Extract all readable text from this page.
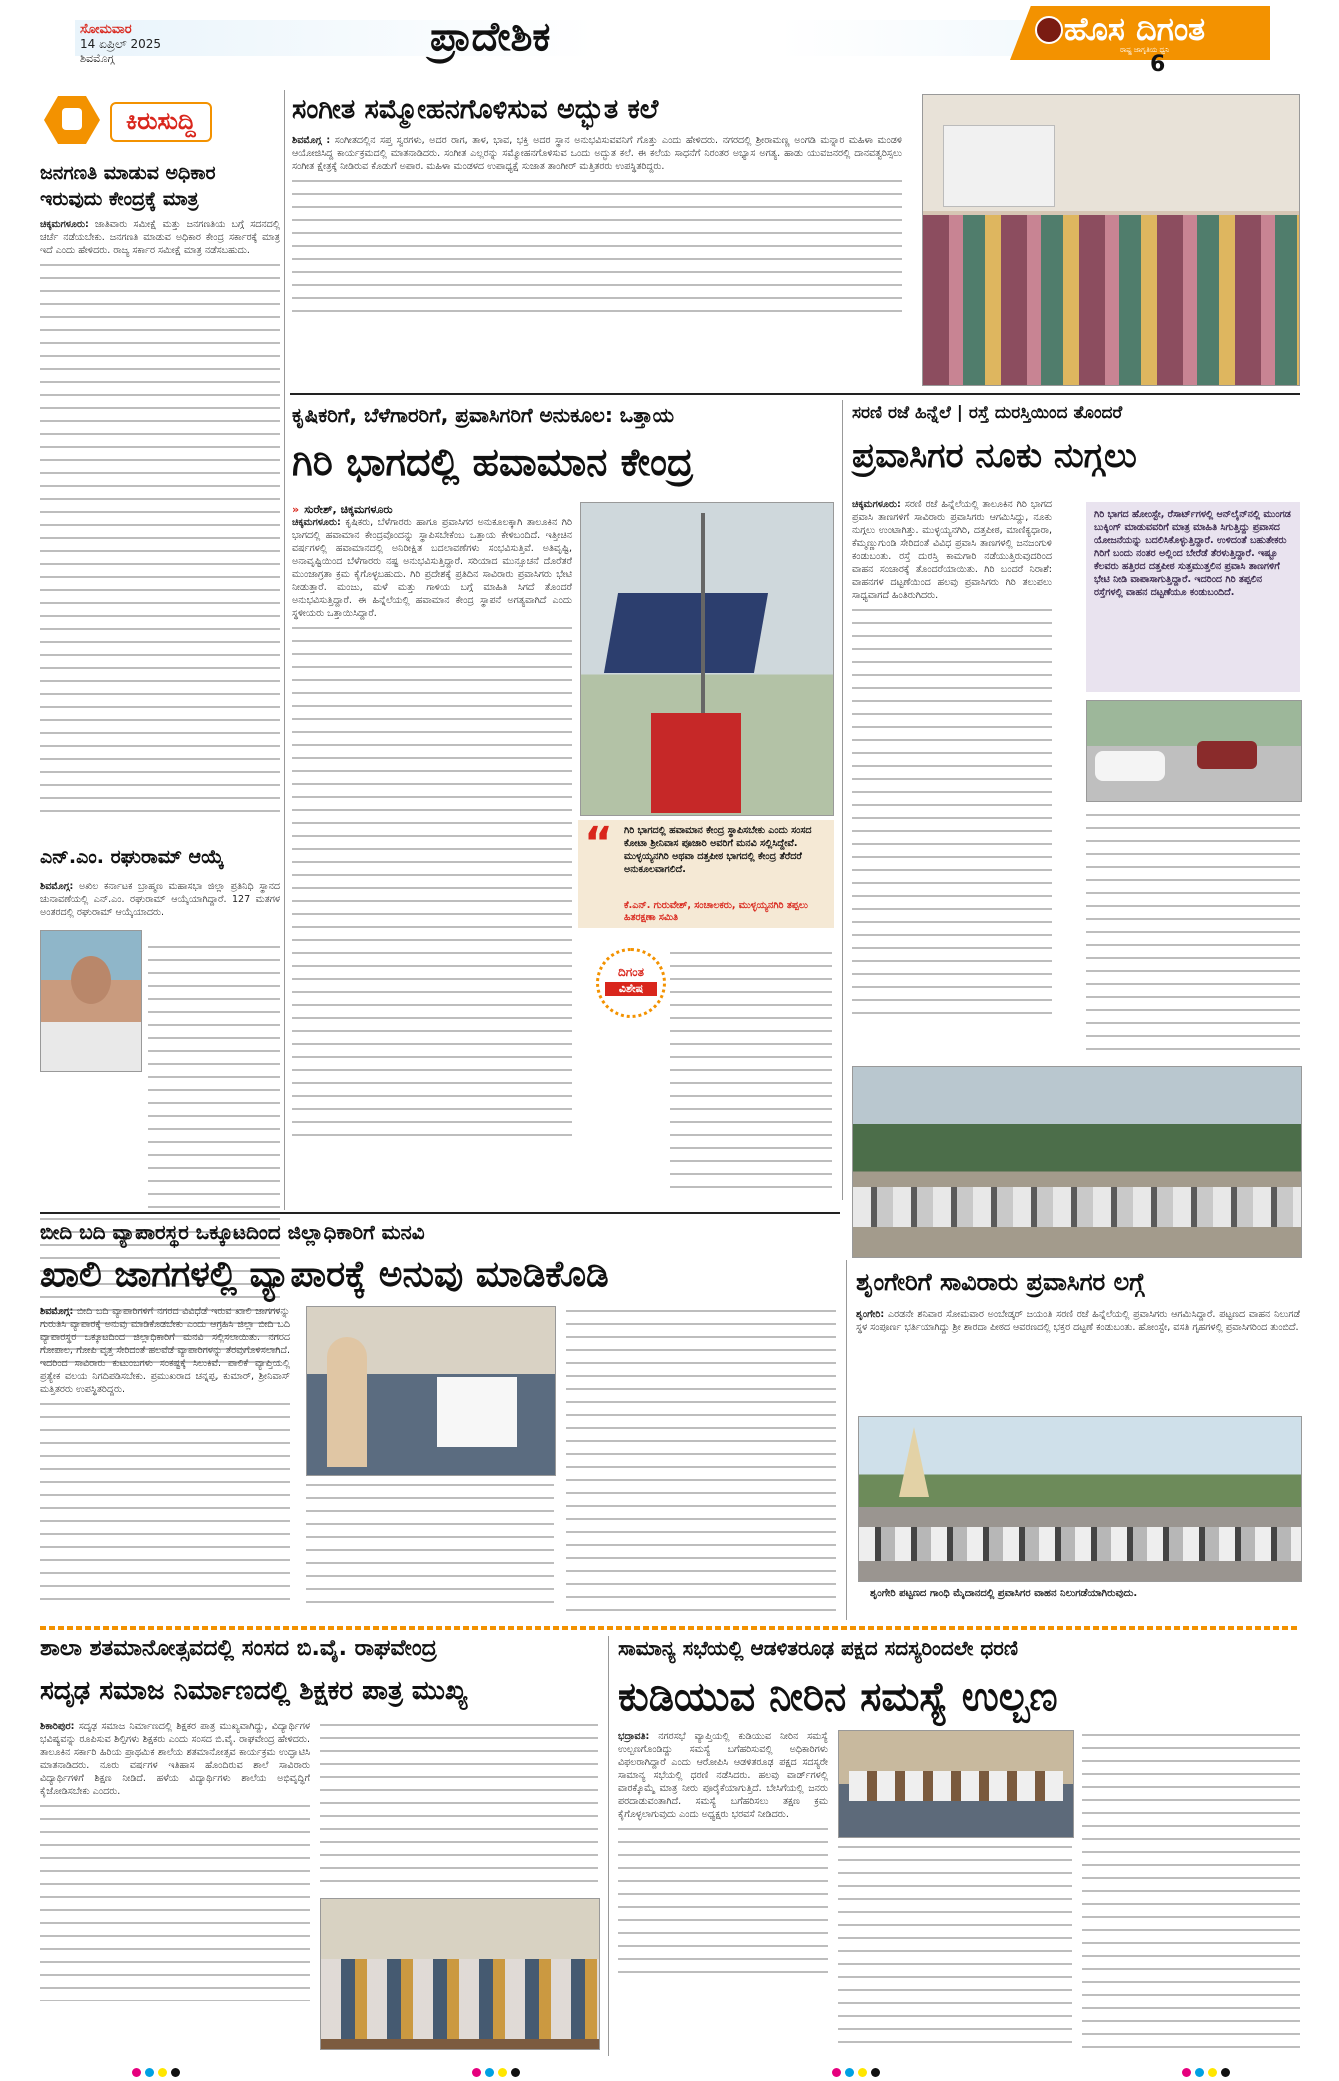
ಸೋಮವಾರ
14 ಏಪ್ರಿಲ್ 2025
ಶಿವಮೊಗ್ಗ	ಪ್ರಾದೇಶಿಕ	ಹೊಸ ದಿಗಂತ
ರಾಷ್ಟ್ರ ಜಾಗೃತಿಯ ಧ್ವನಿ
6
ಕಿರುಸುದ್ದಿ
ಜನಗಣತಿ ಮಾಡುವ ಅಧಿಕಾರ ಇರುವುದು ಕೇಂದ್ರಕ್ಕೆ ಮಾತ್ರ
ಚಿಕ್ಕಮಗಳೂರು: ಜಾತಿವಾರು ಸಮೀಕ್ಷೆ ಮತ್ತು ಜನಗಣತಿಯ ಬಗ್ಗೆ ಸದನದಲ್ಲಿ ಚರ್ಚೆ ನಡೆಯಬೇಕು. ಜನಗಣತಿ ಮಾಡುವ ಅಧಿಕಾರ ಕೇಂದ್ರ ಸರ್ಕಾರಕ್ಕೆ ಮಾತ್ರ ಇದೆ ಎಂದು ಹೇಳಿದರು. ರಾಜ್ಯ ಸರ್ಕಾರ ಸಮೀಕ್ಷೆ ಮಾತ್ರ ನಡೆಸಬಹುದು.
ಎನ್.ಎಂ. ರಘುರಾಮ್ ಆಯ್ಕೆ
ಶಿವಮೊಗ್ಗ: ಅಖಿಲ ಕರ್ನಾಟಕ ಬ್ರಾಹ್ಮಣ ಮಹಾಸಭಾ ಜಿಲ್ಲಾ ಪ್ರತಿನಿಧಿ ಸ್ಥಾನದ ಚುನಾವಣೆಯಲ್ಲಿ ಎನ್.ಎಂ. ರಘುರಾಮ್ ಆಯ್ಕೆಯಾಗಿದ್ದಾರೆ. 127 ಮತಗಳ ಅಂತರದಲ್ಲಿ ರಘುರಾಮ್ ಆಯ್ಕೆಯಾದರು.
ಸಂಗೀತ ಸಮ್ಮೋಹನಗೊಳಿಸುವ ಅದ್ಭುತ ಕಲೆ
ಶಿವಮೊಗ್ಗ : ಸಂಗೀತದಲ್ಲಿನ ಸಪ್ತ ಸ್ವರಗಳು, ಅದರ ರಾಗ, ತಾಳ, ಭಾವ, ಭಕ್ತಿ ಅದರ ಸ್ಥಾನ ಅನುಭವಿಸುವವನಿಗೆ ಗೊತ್ತು ಎಂದು ಹೇಳಿದರು. ನಗರದಲ್ಲಿ ಶ್ರೀರಾಮಣ್ಣ ಅಂಗಡಿ ಮನ್ನಾರ ಮಹಿಳಾ ಮಂಡಳಿ ಆಯೋಜಿಸಿದ್ದ ಕಾರ್ಯಕ್ರಮದಲ್ಲಿ ಮಾತನಾಡಿದರು. ಸಂಗೀತ ಎಲ್ಲರನ್ನು ಸಮ್ಮೋಹನಗೊಳಿಸುವ ಒಂದು ಅದ್ಭುತ ಕಲೆ. ಈ ಕಲೆಯ ಸಾಧನೆಗೆ ನಿರಂತರ ಅಭ್ಯಾಸ ಅಗತ್ಯ. ಹಾಡು ಯುವಜನರಲ್ಲಿ ದಾನವತ್ವರಿಸ್ಸಲು ಸಂಗೀತ ಕ್ಷೇತ್ರಕ್ಕೆ ನೀಡಿರುವ ಕೊಡುಗೆ ಅಪಾರ. ಮಹಿಳಾ ಮಂಡಳದ ಉಪಾಧ್ಯಕ್ಷೆ ಸುಜಾತ ತಾಂಗೀರ್ ಮತ್ತಿತರರು ಉಪಸ್ಥಿತರಿದ್ದರು.
ಕೃಷಿಕರಿಗೆ, ಬೆಳೆಗಾರರಿಗೆ, ಪ್ರವಾಸಿಗರಿಗೆ ಅನುಕೂಲ: ಒತ್ತಾಯ
ಗಿರಿ ಭಾಗದಲ್ಲಿ ಹವಾಮಾನ ಕೇಂದ್ರ
» ಸುರೇಶ್, ಚಿಕ್ಕಮಗಳೂರು
ಚಿಕ್ಕಮಗಳೂರು: ಕೃಷಿಕರು, ಬೆಳೆಗಾರರು ಹಾಗೂ ಪ್ರವಾಸಿಗರ ಅನುಕೂಲಕ್ಕಾಗಿ ತಾಲೂಕಿನ ಗಿರಿ ಭಾಗದಲ್ಲಿ ಹವಾಮಾನ ಕೇಂದ್ರವೊಂದನ್ನು ಸ್ಥಾಪಿಸಬೇಕೆಂಬ ಒತ್ತಾಯ ಕೇಳಿಬಂದಿದೆ. ಇತ್ತೀಚಿನ ವರ್ಷಗಳಲ್ಲಿ ಹವಾಮಾನದಲ್ಲಿ ಅನಿರೀಕ್ಷಿತ ಬದಲಾವಣೆಗಳು ಸಂಭವಿಸುತ್ತಿವೆ. ಅತಿವೃಷ್ಟಿ, ಅನಾವೃಷ್ಟಿಯಿಂದ ಬೆಳೆಗಾರರು ನಷ್ಟ ಅನುಭವಿಸುತ್ತಿದ್ದಾರೆ. ಸರಿಯಾದ ಮುನ್ಸೂಚನೆ ದೊರೆತರೆ ಮುಂಜಾಗ್ರತಾ ಕ್ರಮ ಕೈಗೊಳ್ಳಬಹುದು. ಗಿರಿ ಪ್ರದೇಶಕ್ಕೆ ಪ್ರತಿದಿನ ಸಾವಿರಾರು ಪ್ರವಾಸಿಗರು ಭೇಟಿ ನೀಡುತ್ತಾರೆ. ಮಂಜು, ಮಳೆ ಮತ್ತು ಗಾಳಿಯ ಬಗ್ಗೆ ಮಾಹಿತಿ ಸಿಗದೆ ತೊಂದರೆ ಅನುಭವಿಸುತ್ತಿದ್ದಾರೆ. ಈ ಹಿನ್ನೆಲೆಯಲ್ಲಿ ಹವಾಮಾನ ಕೇಂದ್ರ ಸ್ಥಾಪನೆ ಅಗತ್ಯವಾಗಿದೆ ಎಂದು ಸ್ಥಳೀಯರು ಒತ್ತಾಯಿಸಿದ್ದಾರೆ.
“ ಗಿರಿ ಭಾಗದಲ್ಲಿ ಹವಾಮಾನ ಕೇಂದ್ರ ಸ್ಥಾಪಿಸಬೇಕು ಎಂದು ಸಂಸದ ಕೋಟಾ ಶ್ರೀನಿವಾಸ ಪೂಜಾರಿ ಅವರಿಗೆ ಮನವಿ ಸಲ್ಲಿಸಿದ್ದೇವೆ. ಮುಳ್ಳಯ್ಯನಗಿರಿ ಅಥವಾ ದತ್ತಪೀಠ ಭಾಗದಲ್ಲಿ ಕೇಂದ್ರ ತೆರೆದರೆ ಅನುಕೂಲವಾಗಲಿದೆ.
ಕೆ.ಎನ್. ಗುರುವೇಶ್, ಸಂಚಾಲಕರು, ಮುಳ್ಳಯ್ಯನಗಿರಿ ತಪ್ಪಲು ಹಿತರಕ್ಷಣಾ ಸಮಿತಿ
ದಿಗಂತ
ವಿಶೇಷ
ಸರಣಿ ರಜೆ ಹಿನ್ನೆಲೆ | ರಸ್ತೆ ದುರಸ್ತಿಯಿಂದ ತೊಂದರೆ
ಪ್ರವಾಸಿಗರ ನೂಕು ನುಗ್ಗಲು
ಚಿಕ್ಕಮಗಳೂರು: ಸರಣಿ ರಜೆ ಹಿನ್ನೆಲೆಯಲ್ಲಿ ತಾಲೂಕಿನ ಗಿರಿ ಭಾಗದ ಪ್ರವಾಸಿ ತಾಣಗಳಿಗೆ ಸಾವಿರಾರು ಪ್ರವಾಸಿಗರು ಆಗಮಿಸಿದ್ದು, ನೂಕು ನುಗ್ಗಲು ಉಂಟಾಗಿತ್ತು. ಮುಳ್ಳಯ್ಯನಗಿರಿ, ದತ್ತಪೀಠ, ಮಾಣಿಕ್ಯಧಾರಾ, ಕೆಮ್ಮಣ್ಣುಗುಂಡಿ ಸೇರಿದಂತೆ ವಿವಿಧ ಪ್ರವಾಸಿ ತಾಣಗಳಲ್ಲಿ ಜನಜಂಗುಳಿ ಕಂಡುಬಂತು. ರಸ್ತೆ ದುರಸ್ತಿ ಕಾಮಗಾರಿ ನಡೆಯುತ್ತಿರುವುದರಿಂದ ವಾಹನ ಸಂಚಾರಕ್ಕೆ ತೊಂದರೆಯಾಯಿತು. ಗಿರಿ ಬಂದರೆ ನಿರಾಶೆ: ವಾಹನಗಳ ದಟ್ಟಣೆಯಿಂದ ಹಲವು ಪ್ರವಾಸಿಗರು ಗಿರಿ ತಲುಪಲು ಸಾಧ್ಯವಾಗದೆ ಹಿಂತಿರುಗಿದರು.
ಗಿರಿ ಭಾಗದ ಹೋಂಸ್ಟೇ, ರೆಸಾರ್ಟ್‌ಗಳಲ್ಲಿ ಆನ್‌ಲೈನ್‌ನಲ್ಲಿ ಮುಂಗಡ ಬುಕ್ಕಿಂಗ್ ಮಾಡುವವರಿಗೆ ಮಾತ್ರ ಮಾಹಿತಿ ಸಿಗುತ್ತಿದ್ದು ಪ್ರವಾಸದ ಯೋಜನೆಯನ್ನು ಬದಲಿಸಿಕೊಳ್ಳುತ್ತಿದ್ದಾರೆ. ಉಳಿದಂತೆ ಬಹುತೇಕರು ಗಿರಿಗೆ ಬಂದು ನಂತರ ಅಲ್ಲಿಂದ ಬೇರೆಡೆ ತೆರಳುತ್ತಿದ್ದಾರೆ. ಇಷ್ಟೂ ಕೆಲವರು ಹತ್ತಿರದ ದತ್ತಪೀಠ ಸುತ್ತಮುತ್ತಲಿನ ಪ್ರವಾಸಿ ತಾಣಗಳಿಗೆ ಭೇಟಿ ನೀಡಿ ವಾಪಾಸಾಗುತ್ತಿದ್ದಾರೆ. ಇದರಿಂದ ಗಿರಿ ತಪ್ಪಲಿನ ರಸ್ತೆಗಳಲ್ಲಿ ವಾಹನ ದಟ್ಟಣೆಯೂ ಕಂಡುಬಂದಿದೆ.
ಬೀದಿ ಬದಿ ವ್ಯಾಪಾರಸ್ಥರ ಒಕ್ಕೂಟದಿಂದ ಜಿಲ್ಲಾಧಿಕಾರಿಗೆ ಮನವಿ
ಖಾಲಿ ಜಾಗಗಳಲ್ಲಿ ವ್ಯಾಪಾರಕ್ಕೆ ಅನುವು ಮಾಡಿಕೊಡಿ
ಶಿವಮೊಗ್ಗ: ಬೀದಿ ಬದಿ ವ್ಯಾಪಾರಿಗಳಿಗೆ ನಗರದ ವಿವಿಧೆಡೆ ಇರುವ ಖಾಲಿ ಜಾಗಗಳನ್ನು ಗುರುತಿಸಿ ವ್ಯಾಪಾರಕ್ಕೆ ಅನುವು ಮಾಡಿಕೊಡಬೇಕು ಎಂದು ಆಗ್ರಹಿಸಿ ಜಿಲ್ಲಾ ಬೀದಿ ಬದಿ ವ್ಯಾಪಾರಸ್ಥರ ಒಕ್ಕೂಟದಿಂದ ಜಿಲ್ಲಾಧಿಕಾರಿಗೆ ಮನವಿ ಸಲ್ಲಿಸಲಾಯಿತು. ನಗರದ ಗೋಪಾಲ, ಗೋಪಿ ವೃತ್ತ ಸೇರಿದಂತೆ ಹಲವೆಡೆ ವ್ಯಾಪಾರಿಗಳನ್ನು ತೆರವುಗೊಳಿಸಲಾಗಿದೆ. ಇದರಿಂದ ಸಾವಿರಾರು ಕುಟುಂಬಗಳು ಸಂಕಷ್ಟಕ್ಕೆ ಸಿಲುಕಿವೆ. ಪಾಲಿಕೆ ವ್ಯಾಪ್ತಿಯಲ್ಲಿ ಪ್ರತ್ಯೇಕ ವಲಯ ನಿಗದಿಪಡಿಸಬೇಕು. ಪ್ರಮುಖರಾದ ಚನ್ನಪ್ಪ, ಕುಮಾರ್, ಶ್ರೀನಿವಾಸ್ ಮತ್ತಿತರರು ಉಪಸ್ಥಿತರಿದ್ದರು.
ಶೃಂಗೇರಿಗೆ ಸಾವಿರಾರು ಪ್ರವಾಸಿಗರ ಲಗ್ಗೆ
ಶೃಂಗೇರಿ: ಎರಡನೇ ಶನಿವಾರ ಸೋಮವಾರ ಅಂಬೇಡ್ಕರ್ ಜಯಂತಿ ಸರಣಿ ರಜೆ ಹಿನ್ನೆಲೆಯಲ್ಲಿ ಪ್ರವಾಸಿಗರು ಆಗಮಿಸಿದ್ದಾರೆ. ಪಟ್ಟಣದ ವಾಹನ ನಿಲುಗಡೆ ಸ್ಥಳ ಸಂಪೂರ್ಣ ಭರ್ತಿಯಾಗಿದ್ದು ಶ್ರೀ ಶಾರದಾ ಪೀಠದ ಆವರಣದಲ್ಲಿ ಭಕ್ತರ ದಟ್ಟಣೆ ಕಂಡುಬಂತು. ಹೋಂಸ್ಟೇ, ವಸತಿ ಗೃಹಗಳಲ್ಲಿ ಪ್ರವಾಸಿಗರಿಂದ ತುಂಬಿದೆ.
ಶೃಂಗೇರಿ ಪಟ್ಟಣದ ಗಾಂಧಿ ಮೈದಾನದಲ್ಲಿ ಪ್ರವಾಸಿಗರ ವಾಹನ ನಿಲುಗಡೆಯಾಗಿರುವುದು.
ಶಾಲಾ ಶತಮಾನೋತ್ಸವದಲ್ಲಿ ಸಂಸದ ಬಿ.ವೈ. ರಾಘವೇಂದ್ರ
ಸದೃಢ ಸಮಾಜ ನಿರ್ಮಾಣದಲ್ಲಿ ಶಿಕ್ಷಕರ ಪಾತ್ರ ಮುಖ್ಯ
ಶಿಕಾರಿಪುರ: ಸದೃಢ ಸಮಾಜ ನಿರ್ಮಾಣದಲ್ಲಿ ಶಿಕ್ಷಕರ ಪಾತ್ರ ಮುಖ್ಯವಾಗಿದ್ದು, ವಿದ್ಯಾರ್ಥಿಗಳ ಭವಿಷ್ಯವನ್ನು ರೂಪಿಸುವ ಶಿಲ್ಪಿಗಳು ಶಿಕ್ಷಕರು ಎಂದು ಸಂಸದ ಬಿ.ವೈ. ರಾಘವೇಂದ್ರ ಹೇಳಿದರು. ತಾಲೂಕಿನ ಸರ್ಕಾರಿ ಹಿರಿಯ ಪ್ರಾಥಮಿಕ ಶಾಲೆಯ ಶತಮಾನೋತ್ಸವ ಕಾರ್ಯಕ್ರಮ ಉದ್ಘಾಟಿಸಿ ಮಾತನಾಡಿದರು. ನೂರು ವರ್ಷಗಳ ಇತಿಹಾಸ ಹೊಂದಿರುವ ಶಾಲೆ ಸಾವಿರಾರು ವಿದ್ಯಾರ್ಥಿಗಳಿಗೆ ಶಿಕ್ಷಣ ನೀಡಿದೆ. ಹಳೆಯ ವಿದ್ಯಾರ್ಥಿಗಳು ಶಾಲೆಯ ಅಭಿವೃದ್ಧಿಗೆ ಕೈಜೋಡಿಸಬೇಕು ಎಂದರು.
ಸಾಮಾನ್ಯ ಸಭೆಯಲ್ಲಿ ಆಡಳಿತರೂಢ ಪಕ್ಷದ ಸದಸ್ಯರಿಂದಲೇ ಧರಣಿ
ಕುಡಿಯುವ ನೀರಿನ ಸಮಸ್ಯೆ ಉಲ್ಬಣ
ಭದ್ರಾವತಿ: ನಗರಸಭೆ ವ್ಯಾಪ್ತಿಯಲ್ಲಿ ಕುಡಿಯುವ ನೀರಿನ ಸಮಸ್ಯೆ ಉಲ್ಬಣಗೊಂಡಿದ್ದು ಸಮಸ್ಯೆ ಬಗೆಹರಿಸುವಲ್ಲಿ ಅಧಿಕಾರಿಗಳು ವಿಫಲರಾಗಿದ್ದಾರೆ ಎಂದು ಆರೋಪಿಸಿ ಆಡಳಿತರೂಢ ಪಕ್ಷದ ಸದಸ್ಯರೇ ಸಾಮಾನ್ಯ ಸಭೆಯಲ್ಲಿ ಧರಣಿ ನಡೆಸಿದರು. ಹಲವು ವಾರ್ಡ್‌ಗಳಲ್ಲಿ ವಾರಕ್ಕೊಮ್ಮೆ ಮಾತ್ರ ನೀರು ಪೂರೈಕೆಯಾಗುತ್ತಿದೆ. ಬೇಸಿಗೆಯಲ್ಲಿ ಜನರು ಪರದಾಡುವಂತಾಗಿದೆ. ಸಮಸ್ಯೆ ಬಗೆಹರಿಸಲು ತಕ್ಷಣ ಕ್ರಮ ಕೈಗೊಳ್ಳಲಾಗುವುದು ಎಂದು ಅಧ್ಯಕ್ಷರು ಭರವಸೆ ನೀಡಿದರು.
